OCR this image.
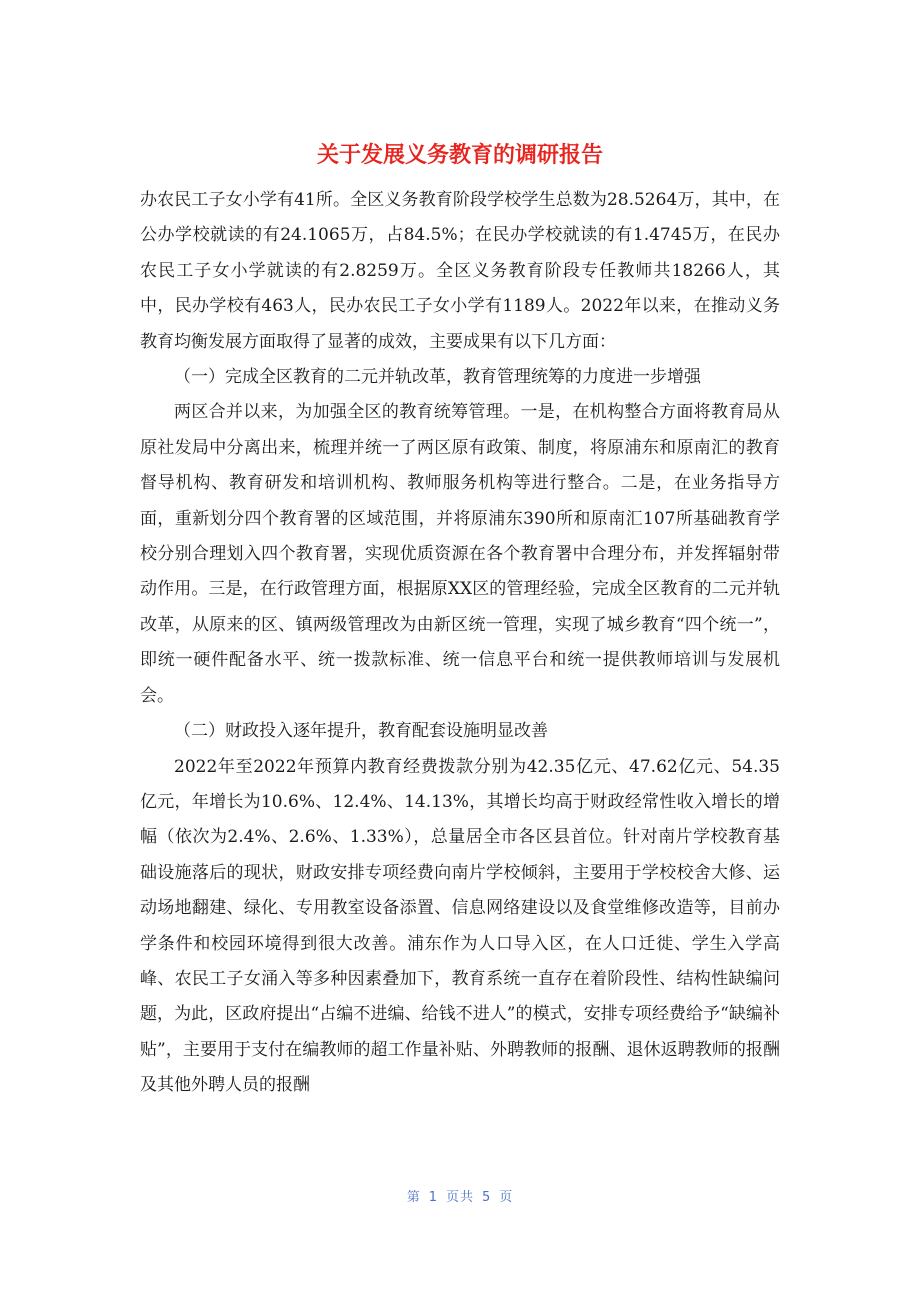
关于发展义务教育的调研报告

办农民工子女小学有41所。全区义务教育阶段学校学生总数为28.5264万，其中，在公办学校就读的有24.1065万，占84.5%；在民办学校就读的有1.4745万，在民办农民工子女小学就读的有2.8259万。全区义务教育阶段专任教师共18266人，其中，民办学校有463人，民办农民工子女小学有1189人。2022年以来，在推动义务教育均衡发展方面取得了显著的成效，主要成果有以下几方面：

（一）完成全区教育的二元并轨改革，教育管理统筹的力度进一步增强

两区合并以来，为加强全区的教育统筹管理。一是，在机构整合方面将教育局从原社发局中分离出来，梳理并统一了两区原有政策、制度，将原浦东和原南汇的教育督导机构、教育研发和培训机构、教师服务机构等进行整合。二是，在业务指导方面，重新划分四个教育署的区域范围，并将原浦东390所和原南汇107所基础教育学校分别合理划入四个教育署，实现优质资源在各个教育署中合理分布，并发挥辐射带动作用。三是，在行政管理方面，根据原XX区的管理经验，完成全区教育的二元并轨改革，从原来的区、镇两级管理改为由新区统一管理，实现了城乡教育“四个统一”，即统一硬件配备水平、统一拨款标准、统一信息平台和统一提供教师培训与发展机会。

（二）财政投入逐年提升，教育配套设施明显改善

2022年至2022年预算内教育经费拨款分别为42.35亿元、47.62亿元、54.35亿元，年增长为10.6%、12.4%、14.13%，其增长均高于财政经常性收入增长的增幅（依次为2.4%、2.6%、1.33%），总量居全市各区县首位。针对南片学校教育基础设施落后的现状，财政安排专项经费向南片学校倾斜，主要用于学校校舍大修、运动场地翻建、绿化、专用教室设备添置、信息网络建设以及食堂维修改造等，目前办学条件和校园环境得到很大改善。浦东作为人口导入区，在人口迁徙、学生入学高峰、农民工子女涌入等多种因素叠加下，教育系统一直存在着阶段性、结构性缺编问题，为此，区政府提出“占编不进编、给钱不进人”的模式，安排专项经费给予“缺编补贴”，主要用于支付在编教师的超工作量补贴、外聘教师的报酬、退休返聘教师的报酬及其他外聘人员的报酬

第 1 页共 5 页
